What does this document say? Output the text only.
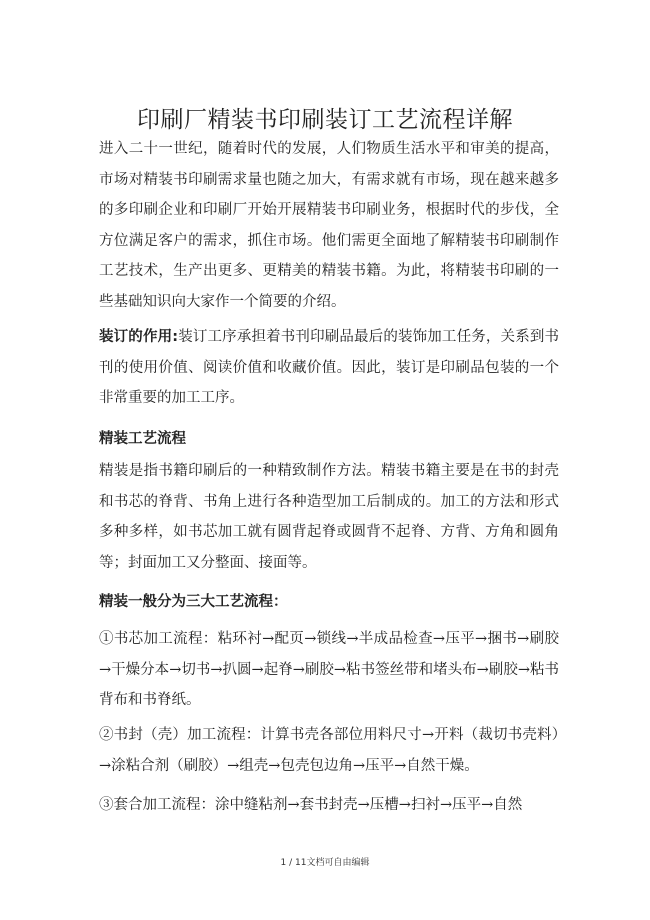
印刷厂精装书印刷装订工艺流程详解

进入二十一世纪，随着时代的发展，人们物质生活水平和审美的提高，市场对精装书印刷需求量也随之加大，有需求就有市场，现在越来越多的多印刷企业和印刷厂开始开展精装书印刷业务，根据时代的步伐，全方位满足客户的需求，抓住市场。他们需更全面地了解精装书印刷制作工艺技术，生产出更多、更精美的精装书籍。为此，将精装书印刷的一些基础知识向大家作一个简要的介绍。

装订的作用:装订工序承担着书刊印刷品最后的装饰加工任务，关系到书刊的使用价值、阅读价值和收藏价值。因此，装订是印刷品包装的一个非常重要的加工工序。

精装工艺流程

精装是指书籍印刷后的一种精致制作方法。精装书籍主要是在书的封壳和书芯的脊背、书角上进行各种造型加工后制成的。加工的方法和形式多种多样，如书芯加工就有圆背起脊或圆背不起脊、方背、方角和圆角等；封面加工又分整面、接面等。

精装一般分为三大工艺流程：

①书芯加工流程：粘环衬→配页→锁线→半成品检查→压平→捆书→刷胶→干燥分本→切书→扒圆→起脊→刷胶→粘书签丝带和堵头布→刷胶→粘书背布和书脊纸。

②书封（壳）加工流程：计算书壳各部位用料尺寸→开料（裁切书壳料）→涂粘合剂（刷胶）→组壳→包壳包边角→压平→自然干燥。

③套合加工流程：涂中缝粘剂→套书封壳→压槽→扫衬→压平→自然

1 / 11文档可自由编辑
